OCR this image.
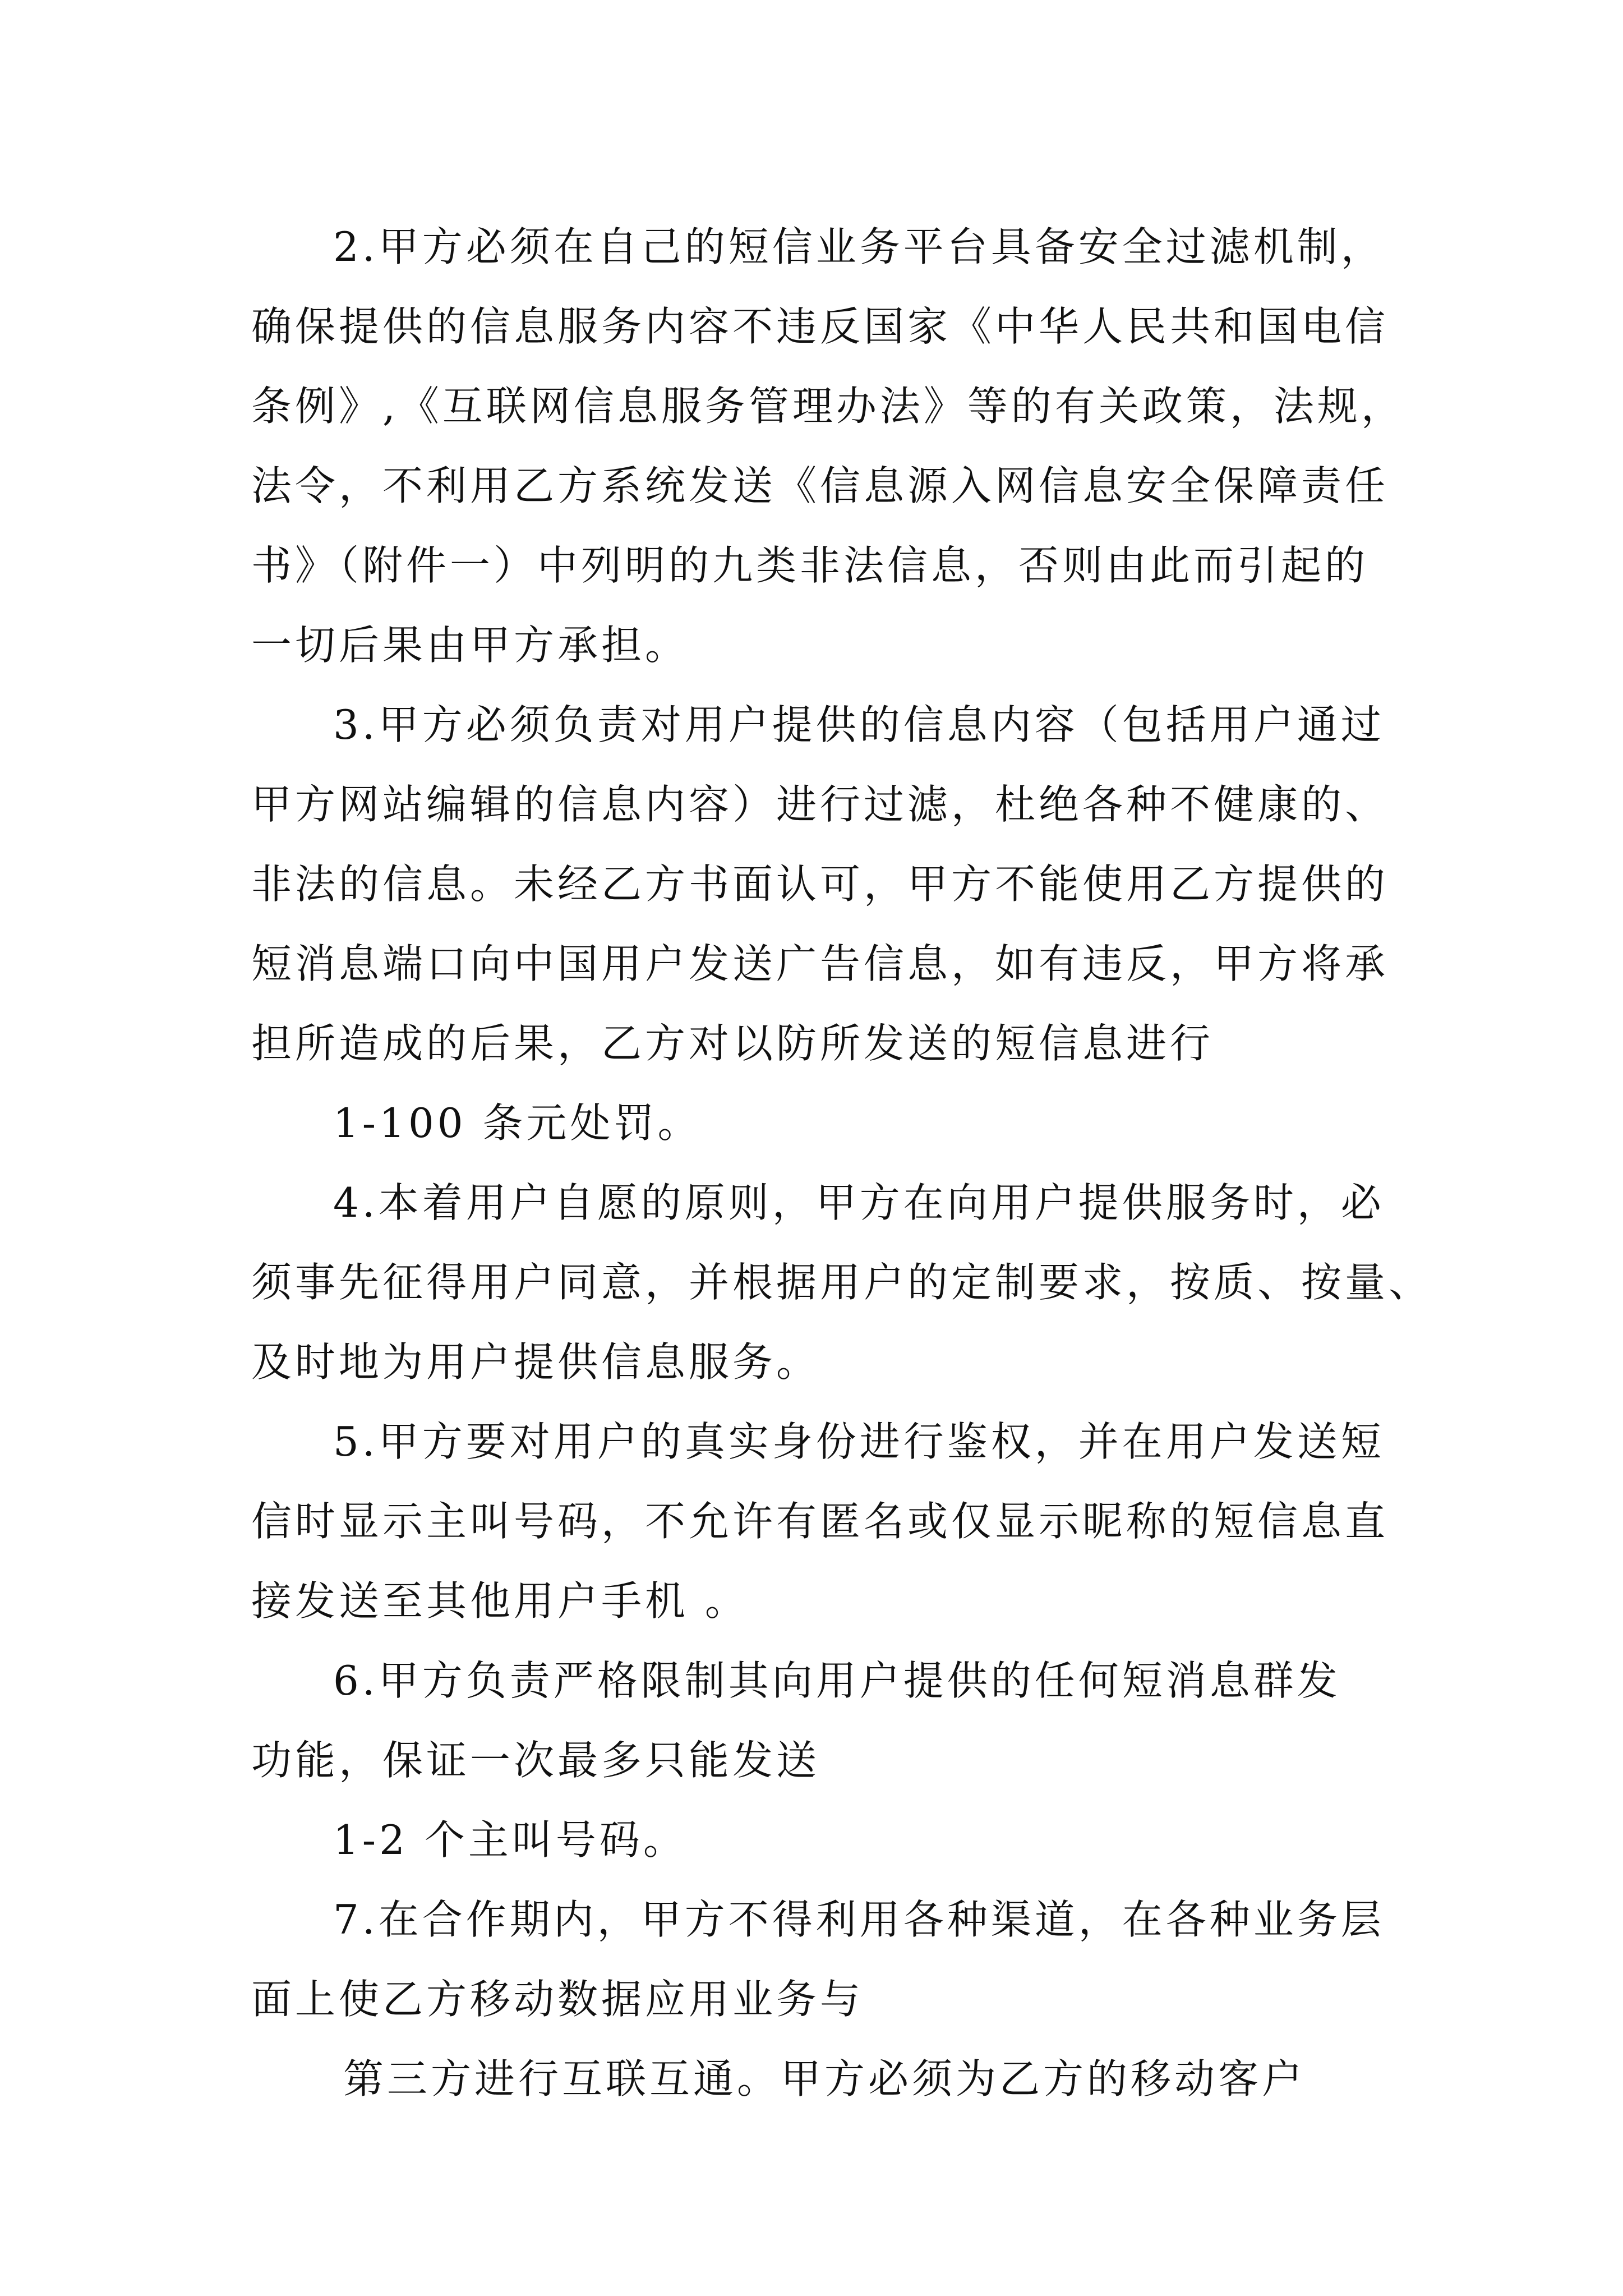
2.甲方必须在自己的短信业务平台具备安全过滤机制，
确保提供的信息服务内容不违反国家《中华人民共和国电信
条例》,《互联网信息服务管理办法》等的有关政策，法规，
法令，不利用乙方系统发送《信息源入网信息安全保障责任
书》（附件一）中列明的九类非法信息，否则由此而引起的
一切后果由甲方承担。
3.甲方必须负责对用户提供的信息内容（包括用户通过
甲方网站编辑的信息内容）进行过滤，杜绝各种不健康的、
非法的信息。未经乙方书面认可，甲方不能使用乙方提供的
短消息端口向中国用户发送广告信息，如有违反，甲方将承
担所造成的后果，乙方对以防所发送的短信息进行
1-100 条元处罚。
4.本着用户自愿的原则，甲方在向用户提供服务时，必
须事先征得用户同意，并根据用户的定制要求，按质、按量、
及时地为用户提供信息服务。
5.甲方要对用户的真实身份进行鉴权，并在用户发送短
信时显示主叫号码，不允许有匿名或仅显示昵称的短信息直
接发送至其他用户手机 。
6.甲方负责严格限制其向用户提供的任何短消息群发
功能，保证一次最多只能发送
1-2 个主叫号码。
7.在合作期内，甲方不得利用各种渠道，在各种业务层
面上使乙方移动数据应用业务与
第三方进行互联互通。甲方必须为乙方的移动客户
